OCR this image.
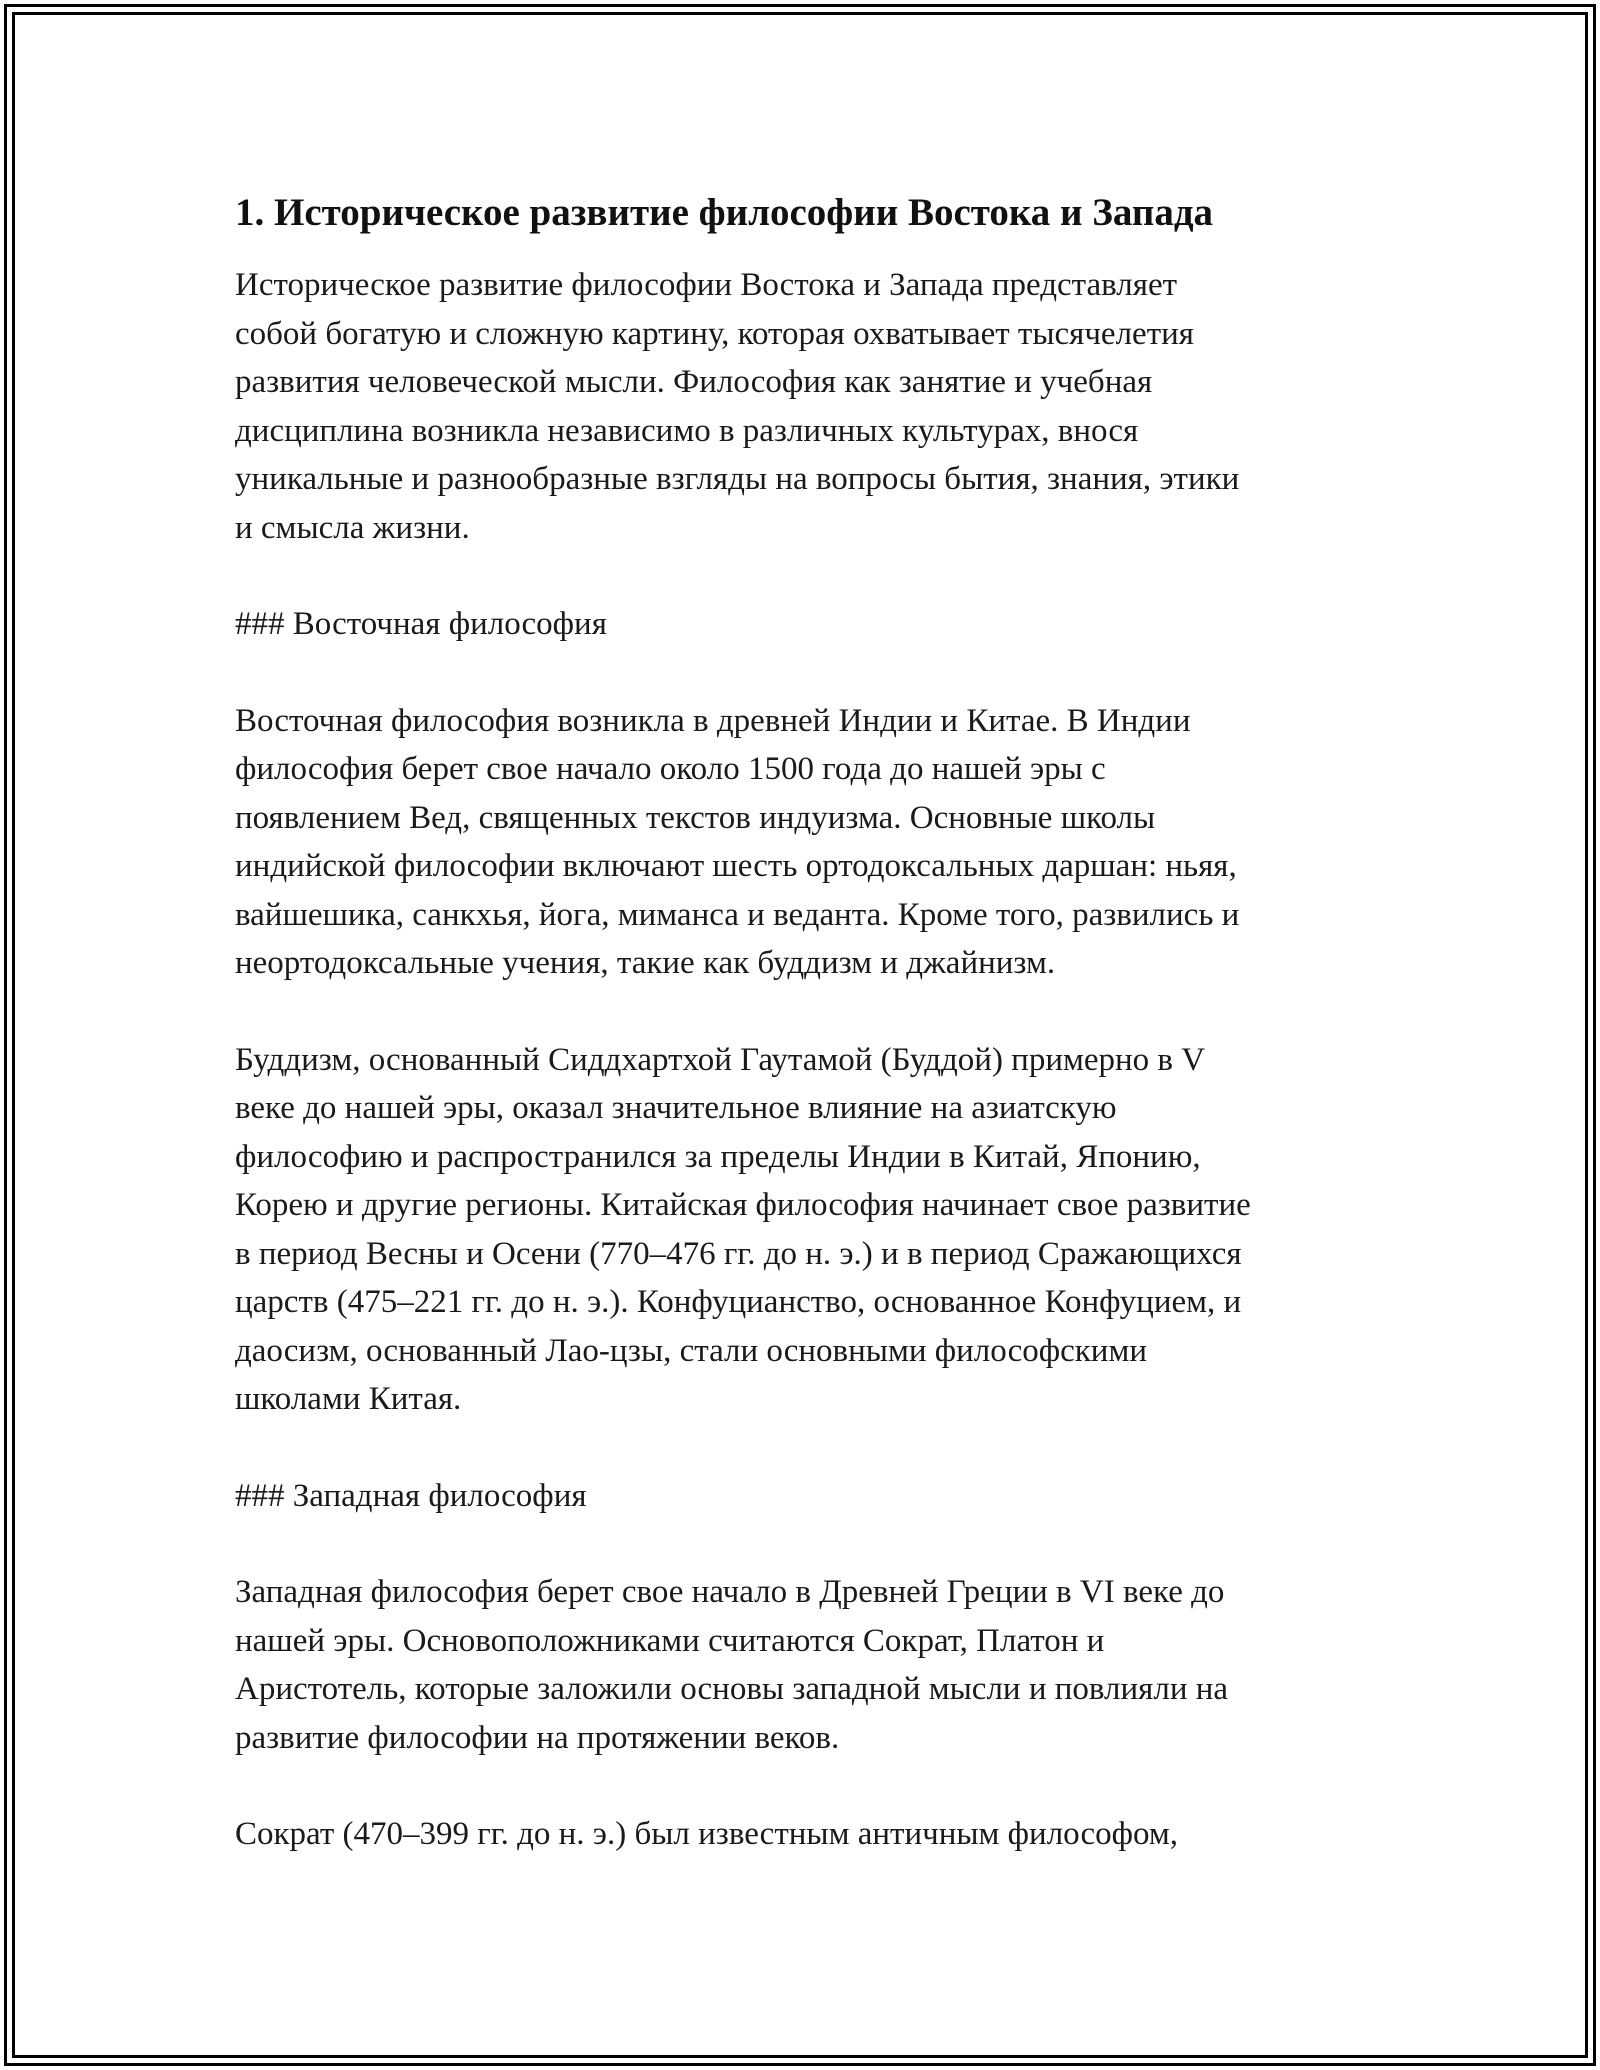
1. Историческое развитие философии Востока и Запада
Историческое развитие философии Востока и Запада представляет
собой богатую и сложную картину, которая охватывает тысячелетия
развития человеческой мысли. Философия как занятие и учебная
дисциплина возникла независимо в различных культурах, внося
уникальные и разнообразные взгляды на вопросы бытия, знания, этики
и смысла жизни.
### Восточная философия
Восточная философия возникла в древней Индии и Китае. В Индии
философия берет свое начало около 1500 года до нашей эры с
появлением Вед, священных текстов индуизма. Основные школы
индийской философии включают шесть ортодоксальных даршан: ньяя,
вайшешика, санкхья, йога, миманса и веданта. Кроме того, развились и
неортодоксальные учения, такие как буддизм и джайнизм.
Буддизм, основанный Сиддхартхой Гаутамой (Буддой) примерно в V
веке до нашей эры, оказал значительное влияние на азиатскую
философию и распространился за пределы Индии в Китай, Японию,
Корею и другие регионы. Китайская философия начинает свое развитие
в период Весны и Осени (770–476 гг. до н. э.) и в период Сражающихся
царств (475–221 гг. до н. э.). Конфуцианство, основанное Конфуцием, и
даосизм, основанный Лао-цзы, стали основными философскими
школами Китая.
### Западная философия
Западная философия берет свое начало в Древней Греции в VI веке до
нашей эры. Основоположниками считаются Сократ, Платон и
Аристотель, которые заложили основы западной мысли и повлияли на
развитие философии на протяжении веков.
Сократ (470–399 гг. до н. э.) был известным античным философом,
